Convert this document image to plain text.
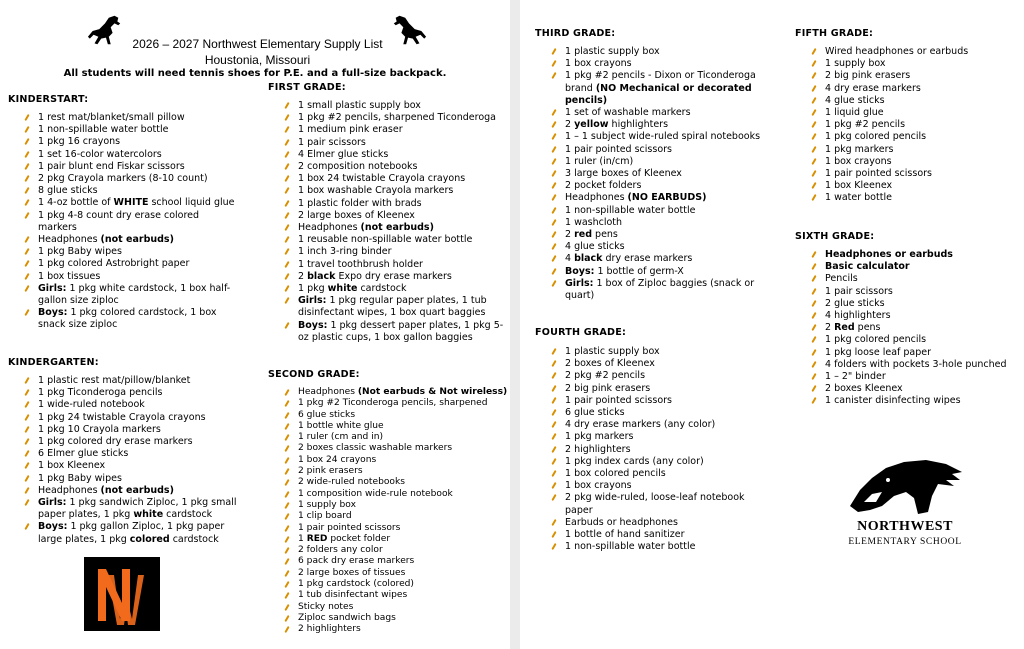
2026 – 2027 Northwest Elementary Supply List
Houstonia, Missouri
All students will need tennis shoes for P.E. and a full-size backpack.
KINDERSTART:
1 rest mat/blanket/small pillow
1 non-spillable water bottle
1 pkg 16 crayons
1 set 16-color watercolors
1 pair blunt end Fiskar scissors
2 pkg Crayola markers (8-10 count)
8 glue sticks
1 4-oz bottle of WHITE school liquid glue
1 pkg 4-8 count dry erase colored markers
Headphones (not earbuds)
1 pkg Baby wipes
1 pkg colored Astrobright paper
1 box tissues
Girls: 1 pkg white cardstock, 1 box half-gallon size ziploc
Boys: 1 pkg colored cardstock, 1 box snack size ziploc
KINDERGARTEN:
1 plastic rest mat/pillow/blanket
1 pkg Ticonderoga pencils
1 wide-ruled notebook
1 pkg 24 twistable Crayola crayons
1 pkg 10 Crayola markers
1 pkg colored dry erase markers
6 Elmer glue sticks
1 box Kleenex
1 pkg Baby wipes
Headphones (not earbuds)
Girls: 1 pkg sandwich Ziploc, 1 pkg small paper plates, 1 pkg white cardstock
Boys: 1 pkg gallon Ziploc, 1 pkg paper large plates, 1 pkg colored cardstock
FIRST GRADE:
1 small plastic supply box
1 pkg #2 pencils, sharpened Ticonderoga
1 medium pink eraser
1 pair scissors
4 Elmer glue sticks
2 composition notebooks
1 box 24 twistable Crayola crayons
1 box washable Crayola markers
1 plastic folder with brads
2 large boxes of Kleenex
Headphones (not earbuds)
1 reusable non-spillable water bottle
1 inch 3-ring binder
1 travel toothbrush holder
2 black Expo dry erase markers
1 pkg white cardstock
Girls: 1 pkg regular paper plates, 1 tub disinfectant wipes, 1 box quart baggies
Boys: 1 pkg dessert paper plates, 1 pkg 5- oz plastic cups, 1 box gallon baggies
SECOND GRADE:
Headphones (Not earbuds & Not wireless)
1 pkg #2 Ticonderoga pencils, sharpened
6 glue sticks
1 bottle white glue
1 ruler (cm and in)
2 boxes classic washable markers
1 box 24 crayons
2 pink erasers
2 wide-ruled notebooks
1 composition wide-rule notebook
1 supply box
1 clip board
1 pair pointed scissors
1 RED pocket folder
2 folders any color
6 pack dry erase markers
2 large boxes of tissues
1 pkg cardstock (colored)
1 tub disinfectant wipes
Sticky notes
Ziploc sandwich bags
2 highlighters
THIRD GRADE:
1 plastic supply box
1 box crayons
1 pkg #2 pencils - Dixon or Ticonderoga brand (NO Mechanical or decorated pencils)
1 set of washable markers
2 yellow highlighters
1 – 1 subject wide-ruled spiral notebooks
1 pair pointed scissors
1 ruler (in/cm)
3 large boxes of Kleenex
2 pocket folders
Headphones (NO EARBUDS)
1 non-spillable water bottle
1 washcloth
2 red pens
4 glue sticks
4 black dry erase markers
Boys: 1 bottle of germ-X
Girls: 1 box of Ziploc baggies (snack or quart)
FOURTH GRADE:
1 plastic supply box
2 boxes of Kleenex
2 pkg #2 pencils
2 big pink erasers
1 pair pointed scissors
6 glue sticks
4 dry erase markers (any color)
1 pkg markers
2 highlighters
1 pkg index cards (any color)
1 box colored pencils
1 box crayons
2 pkg wide-ruled, loose-leaf notebook paper
Earbuds or headphones
1 bottle of hand sanitizer
1 non-spillable water bottle
FIFTH GRADE:
Wired headphones or earbuds
1 supply box
2 big pink erasers
4 dry erase markers
4 glue sticks
1 liquid glue
1 pkg #2 pencils
1 pkg colored pencils
1 pkg markers
1 box crayons
1 pair pointed scissors
1 box Kleenex
1 water bottle
SIXTH GRADE:
Headphones or earbuds
Basic calculator
Pencils
1 pair scissors
2 glue sticks
4 highlighters
2 Red pens
1 pkg colored pencils
1 pkg loose leaf paper
4 folders with pockets 3-hole punched
1 – 2" binder
2 boxes Kleenex
1 canister disinfecting wipes
NORTHWEST
ELEMENTARY SCHOOL
